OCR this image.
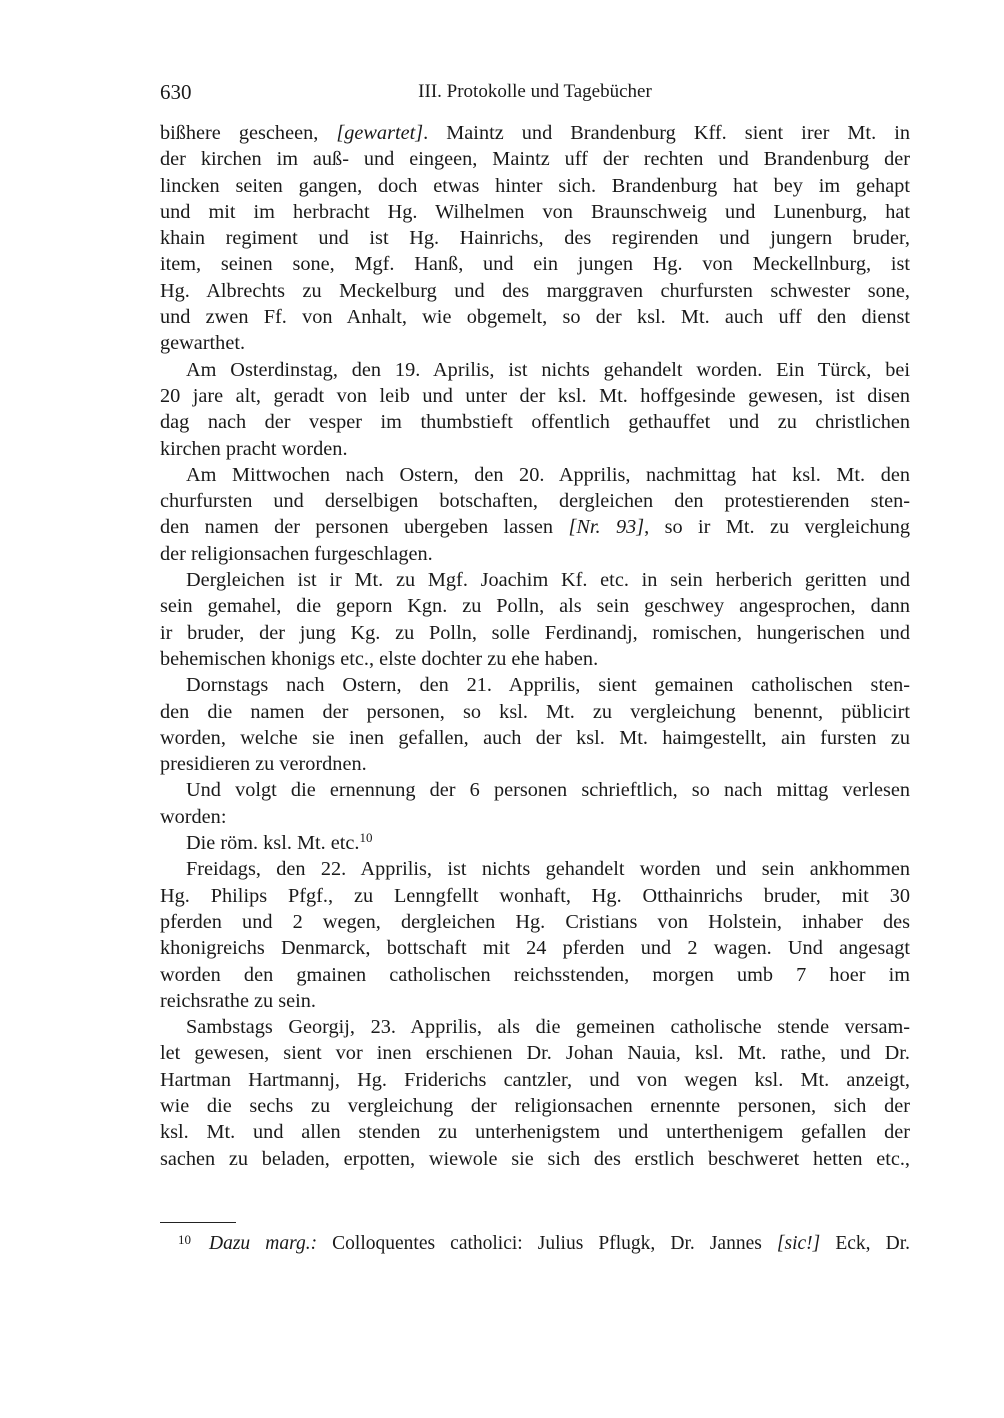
630	III. Protokolle und Tagebücher
bißhere gescheen, [gewartet]. Maintz und Brandenburg Kff. sient irer Mt. in
der kirchen im auß- und eingeen, Maintz uff der rechten und Brandenburg der
lincken seiten gangen, doch etwas hinter sich. Brandenburg hat bey im gehapt
und mit im herbracht Hg. Wilhelmen von Braunschweig und Lunenburg, hat
khain regiment und ist Hg. Hainrichs, des regirenden und jungern bruder,
item, seinen sone, Mgf. Hanß, und ein jungen Hg. von Meckellnburg, ist
Hg. Albrechts zu Meckelburg und des marggraven churfursten schwester sone,
und zwen Ff. von Anhalt, wie obgemelt, so der ksl. Mt. auch uff den dienst
gewarthet.
Am Osterdinstag, den 19. Aprilis, ist nichts gehandelt worden. Ein Türck, bei
20 jare alt, geradt von leib und unter der ksl. Mt. hoffgesinde gewesen, ist disen
dag nach der vesper im thumbstieft offentlich gethauffet und zu christlichen
kirchen pracht worden.
Am Mittwochen nach Ostern, den 20. Apprilis, nachmittag hat ksl. Mt. den
churfursten und derselbigen botschaften, dergleichen den protestierenden sten-
den namen der personen ubergeben lassen [Nr. 93], so ir Mt. zu vergleichung
der religionsachen furgeschlagen.
Dergleichen ist ir Mt. zu Mgf. Joachim Kf. etc. in sein herberich geritten und
sein gemahel, die geporn Kgn. zu Polln, als sein geschwey angesprochen, dann
ir bruder, der jung Kg. zu Polln, solle Ferdinandj, romischen, hungerischen und
behemischen khonigs etc., elste dochter zu ehe haben.
Dornstags nach Ostern, den 21. Apprilis, sient gemainen catholischen sten-
den die namen der personen, so ksl. Mt. zu vergleichung benennt, püblicirt
worden, welche sie inen gefallen, auch der ksl. Mt. haimgestellt, ain fursten zu
presidieren zu verordnen.
Und volgt die ernennung der 6 personen schrieftlich, so nach mittag verlesen
worden:
Die röm. ksl. Mt. etc.$^{10}$
Freidags, den 22. Apprilis, ist nichts gehandelt worden und sein ankhommen
Hg. Philips Pfgf., zu Lenngfellt wonhaft, Hg. Otthainrichs bruder, mit 30
pferden und 2 wegen, dergleichen Hg. Cristians von Holstein, inhaber des
khonigreichs Denmarck, bottschaft mit 24 pferden und 2 wagen. Und angesagt
worden den gmainen catholischen reichsstenden, morgen umb 7 hoer im
reichsrathe zu sein.
Sambstags Georgij, 23. Apprilis, als die gemeinen catholische stende versam-
let gewesen, sient vor inen erschienen Dr. Johan Nauia, ksl. Mt. rathe, und Dr.
Hartman Hartmannj, Hg. Friderichs cantzler, und von wegen ksl. Mt. anzeigt,
wie die sechs zu vergleichung der religionsachen ernennte personen, sich der
ksl. Mt. und allen stenden zu unterhenigstem und unterthenigem gefallen der
sachen zu beladen, erpotten, wiewole sie sich des erstlich beschweret hetten etc.,
$^{10}$ Dazu marg.: Colloquentes catholici: Julius Pflugk, Dr. Jannes [sic!] Eck, Dr.
